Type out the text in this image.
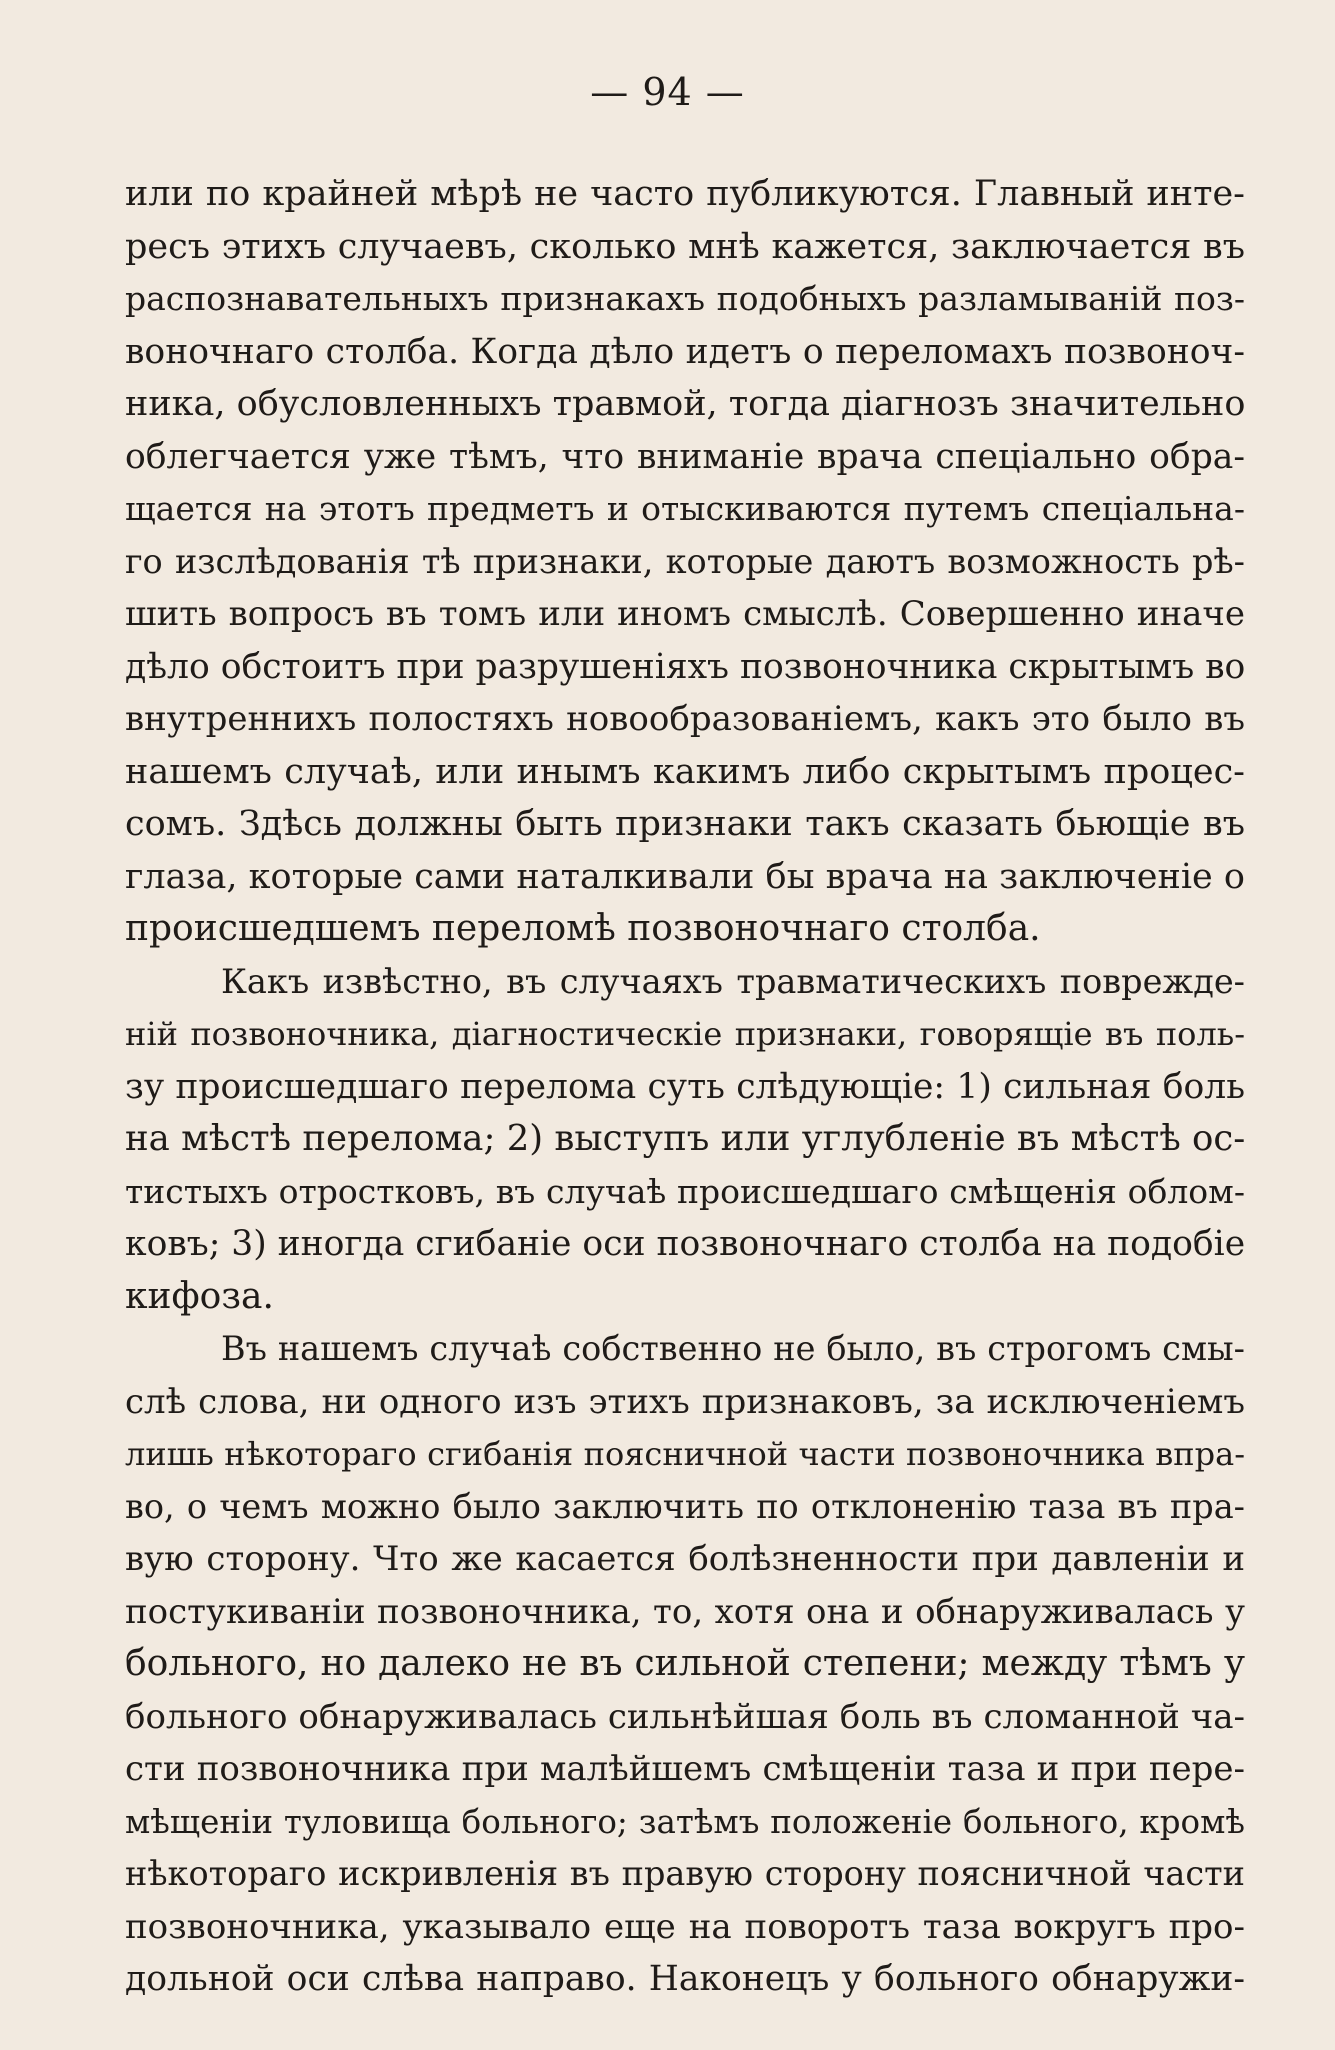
— 94 —
или по крайней мѣрѣ не часто публикуются. Главный инте-
ресъ этихъ случаевъ, сколько мнѣ кажется, заключается въ
распознавательныхъ признакахъ подобныхъ разламыванiй поз-
воночнаго столба. Когда дѣло идетъ о переломахъ позвоноч-
ника, обусловленныхъ травмой, тогда дiагнозъ значительно
облегчается уже тѣмъ, что вниманiе врача спецiально обра-
щается на этотъ предметъ и отыскиваются путемъ спецiальна-
го изслѣдованiя тѣ признаки, которые даютъ возможность рѣ-
шить вопросъ въ томъ или иномъ смыслѣ. Совершенно иначе
дѣло обстоитъ при разрушенiяхъ позвоночника скрытымъ во
внутреннихъ полостяхъ новообразованiемъ, какъ это было въ
нашемъ случаѣ, или инымъ какимъ либо скрытымъ процес-
сомъ. Здѣсь должны быть признаки такъ сказать бьющiе въ
глаза, которые сами наталкивали бы врача на заключенiе о
происшедшемъ переломѣ позвоночнаго столба.
Какъ извѣстно, въ случаяхъ травматическихъ поврежде-
нiй позвоночника, дiагностическiе признаки, говорящiе въ поль-
зу происшедшаго перелома суть слѣдующiе: 1) сильная боль
на мѣстѣ перелома; 2) выступъ или углубленiе въ мѣстѣ ос-
тистыхъ отростковъ, въ случаѣ происшедшаго смѣщенiя облом-
ковъ; 3) иногда сгибанiе оси позвоночнаго столба на подобiе
кифоза.
Въ нашемъ случаѣ собственно не было, въ строгомъ смы-
слѣ слова, ни одного изъ этихъ признаковъ, за исключенiемъ
лишь нѣкотораго сгибанiя поясничной части позвоночника впра-
во, о чемъ можно было заключить по отклоненiю таза въ пра-
вую сторону. Что же касается болѣзненности при давленiи и
постукиванiи позвоночника, то, хотя она и обнаруживалась у
больного, но далеко не въ сильной степени; между тѣмъ у
больного обнаруживалась сильнѣйшая боль въ сломанной ча-
сти позвоночника при малѣйшемъ смѣщенiи таза и при пере-
мѣщенiи туловища больного; затѣмъ положенiе больного, кромѣ
нѣкотораго искривленiя въ правую сторону поясничной части
позвоночника, указывало еще на поворотъ таза вокругъ про-
дольной оси слѣва направо. Наконецъ у больного обнаружи-
